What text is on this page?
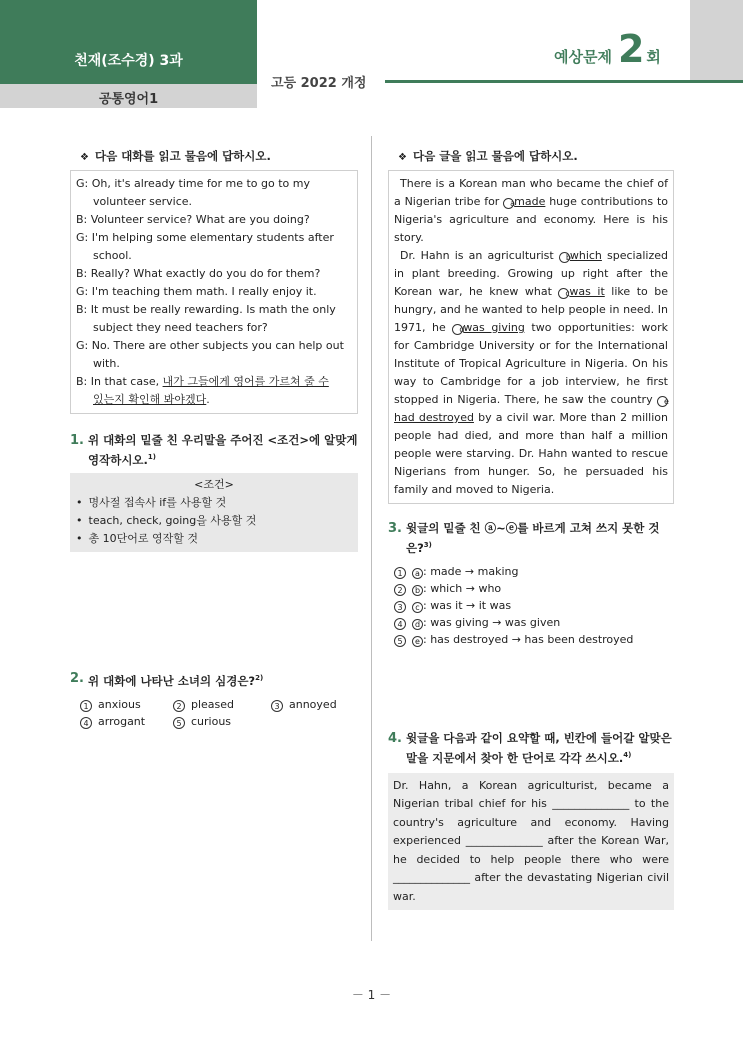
천재(조수경) 3과
공통영어1
고등 2022 개정
예상문제 2 회
❖ 다음 대화를 읽고 물음에 답하시오.
G: Oh, it's already time for me to go to my
volunteer service.
B: Volunteer service? What are you doing?
G: I'm helping some elementary students after
school.
B: Really? What exactly do you do for them?
G: I'm teaching them math. I really enjoy it.
B: It must be really rewarding. Is math the only
subject they need teachers for?
G: No. There are other subjects you can help out
with.
B: In that case, 내가 그들에게 영어를 가르쳐 줄 수
있는지 확인해 봐야겠다.
1. 위 대화의 밑줄 친 우리말을 주어진 <조건>에 알맞게 영작하시오.$^{1)}$
<조건>
• 명사절 접속사 if를 사용할 것
• teach, check, going을 사용할 것
• 총 10단어로 영작할 것
2. 위 대화에 나타난 소녀의 심경은?$^{2)}$
1 anxious	2 pleased	3 annoyed
4 arrogant	5 curious
❖ 다음 글을 읽고 물음에 답하시오.

There is a Korean man who became the chief of a Nigerian tribe for amade huge contributions to Nigeria's agriculture and economy. Here is his story.

Dr. Hahn is an agriculturist bwhich specialized in plant breeding. Growing up right after the Korean war, he knew what cwas it like to be hungry, and he wanted to help people in need. In 1971, he dwas giving two opportunities: work for Cambridge University or for the International Institute of Tropical Agriculture in Nigeria. On his way to Cambridge for a job interview, he first stopped in Nigeria. There, he saw the country ehad destroyed by a civil war. More than 2 million people had died, and more than half a million people were starving. Dr. Hahn wanted to rescue Nigerians from hunger. So, he persuaded his family and moved to Nigeria.

3. 윗글의 밑줄 친 ⓐ~ⓔ를 바르게 고쳐 쓰지 못한 것은?$^{3)}$
1 a : made → making
2 b : which → who
3 c : was it → it was
4 d : was giving → was given
5 e : has destroyed → has been destroyed
4. 윗글을 다음과 같이 요약할 때, 빈칸에 들어갈 알맞은 말을 지문에서 찾아 한 단어로 각각 쓰시오.$^{4)}$
Dr. Hahn, a Korean agriculturist, became a Nigerian tribal chief for his ______________ to the country's agriculture and economy. Having experienced ______________ after the Korean War, he decided to help people there who were ______________ after the devastating Nigerian civil war.
－ 1 －
